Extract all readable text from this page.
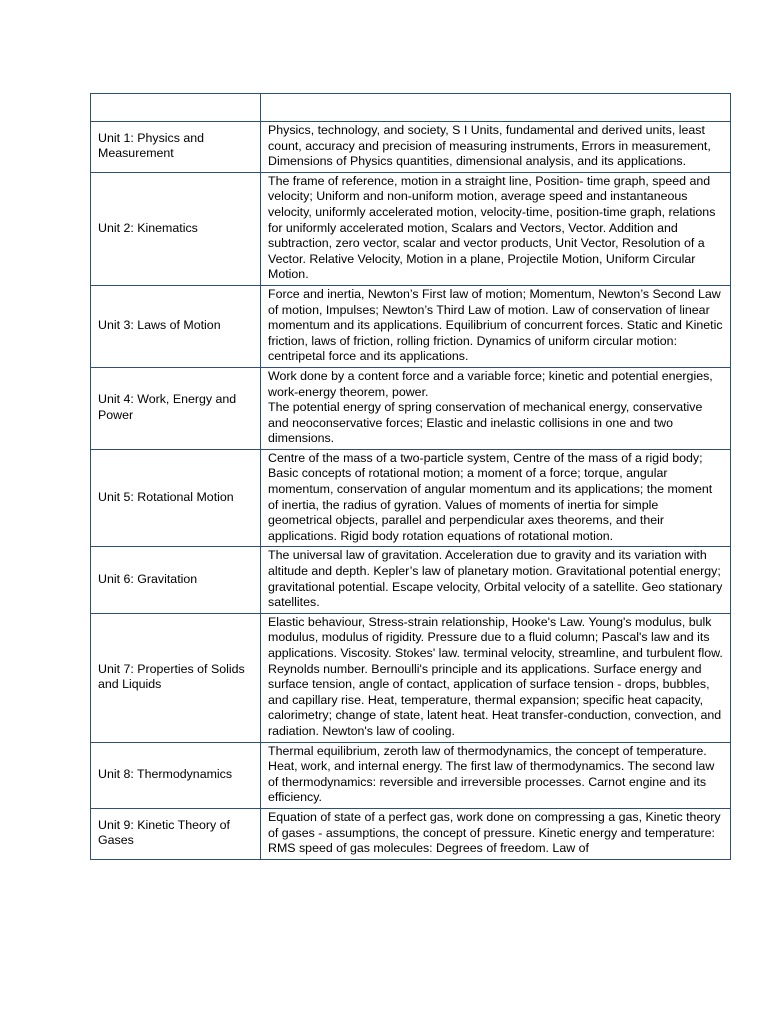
Unit 1: Physics and Measurement	Physics, technology, and society, S I Units, fundamental and derived units, least count, accuracy and precision of measuring instruments, Errors in measurement, Dimensions of Physics quantities, dimensional analysis, and its applications.

Unit 2: Kinematics	The frame of reference, motion in a straight line, Position- time graph, speed and velocity; Uniform and non-uniform motion, average speed and instantaneous velocity, uniformly accelerated motion, velocity-time, position-time graph, relations for uniformly accelerated motion, Scalars and Vectors, Vector. Addition and subtraction, zero vector, scalar and vector products, Unit Vector, Resolution of a Vector. Relative Velocity, Motion in a plane, Projectile Motion, Uniform Circular Motion.

Unit 3: Laws of Motion	Force and inertia, Newton’s First law of motion; Momentum, Newton’s Second Law of motion, Impulses; Newton’s Third Law of motion. Law of conservation of linear momentum and its applications. Equilibrium of concurrent forces. Static and Kinetic friction, laws of friction, rolling friction. Dynamics of uniform circular motion: centripetal force and its applications.

Unit 4: Work, Energy and Power	Work done by a content force and a variable force; kinetic and potential energies, work-energy theorem, power.

The potential energy of spring conservation of mechanical energy, conservative and neoconservative forces; Elastic and inelastic collisions in one and two dimensions.

Unit 5: Rotational Motion	Centre of the mass of a two-particle system, Centre of the mass of a rigid body; Basic concepts of rotational motion; a moment of a force; torque, angular momentum, conservation of angular momentum and its applications; the moment of inertia, the radius of gyration. Values of moments of inertia for simple geometrical objects, parallel and perpendicular axes theorems, and their applications. Rigid body rotation equations of rotational motion.

Unit 6: Gravitation	The universal law of gravitation. Acceleration due to gravity and its variation with altitude and depth. Kepler’s law of planetary motion. Gravitational potential energy; gravitational potential. Escape velocity, Orbital velocity of a satellite. Geo stationary satellites.

Unit 7: Properties of Solids and Liquids	Elastic behaviour, Stress-strain relationship, Hooke's Law. Young's modulus, bulk modulus, modulus of rigidity. Pressure due to a fluid column; Pascal's law and its applications. Viscosity. Stokes' law. terminal velocity, streamline, and turbulent flow. Reynolds number. Bernoulli's principle and its applications. Surface energy and surface tension, angle of contact, application of surface tension - drops, bubbles, and capillary rise. Heat, temperature, thermal expansion; specific heat capacity, calorimetry; change of state, latent heat. Heat transfer-conduction, convection, and radiation. Newton's law of cooling.

Unit 8: Thermodynamics	Thermal equilibrium, zeroth law of thermodynamics, the concept of temperature. Heat, work, and internal energy. The first law of thermodynamics. The second law of thermodynamics: reversible and irreversible processes. Carnot engine and its efficiency.

Unit 9: Kinetic Theory of Gases	Equation of state of a perfect gas, work done on compressing a gas, Kinetic theory of gases - assumptions, the concept of pressure. Kinetic energy and temperature: RMS speed of gas molecules: Degrees of freedom. Law of
